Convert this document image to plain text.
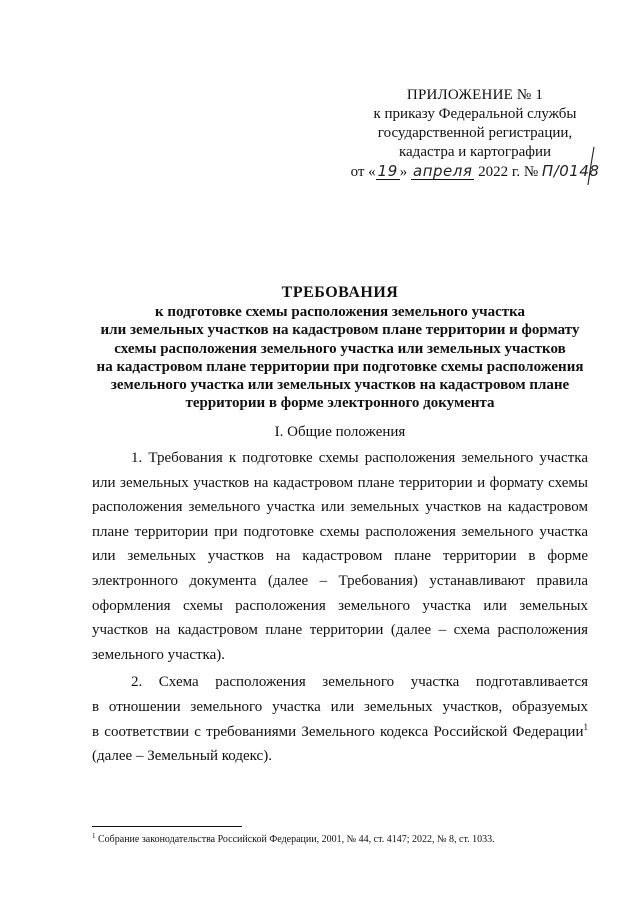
ПРИЛОЖЕНИЕ № 1
к приказу Федеральной службы
государственной регистрации,
кадастра и картографии
от « 19 » апреля 2022 г. № П/0148
ТРЕБОВАНИЯ
к подготовке схемы расположения земельного участка
или земельных участков на кадастровом плане территории и формату
схемы расположения земельного участка или земельных участков
на кадастровом плане территории при подготовке схемы расположения
земельного участка или земельных участков на кадастровом плане
территории в форме электронного документа
I. Общие положения

1. Требования к подготовке схемы расположения земельного участка
или земельных участков на кадастровом плане территории и формату схемы
расположения земельного участка или земельных участков на кадастровом
плане территории при подготовке схемы расположения земельного участка
или земельных участков на кадастровом плане территории в форме
электронного документа (далее – Требования) устанавливают правила
оформления схемы расположения земельного участка или земельных
участков на кадастровом плане территории (далее – схема расположения
земельного участка).

2. Схема расположения земельного участка подготавливается
в отношении земельного участка или земельных участков, образуемых
в соответствии с требованиями Земельного кодекса Российской Федерации$^1$
(далее – Земельный кодекс).

$^1$ Собрание законодательства Российской Федерации, 2001, № 44, ст. 4147; 2022, № 8, ст. 1033.
